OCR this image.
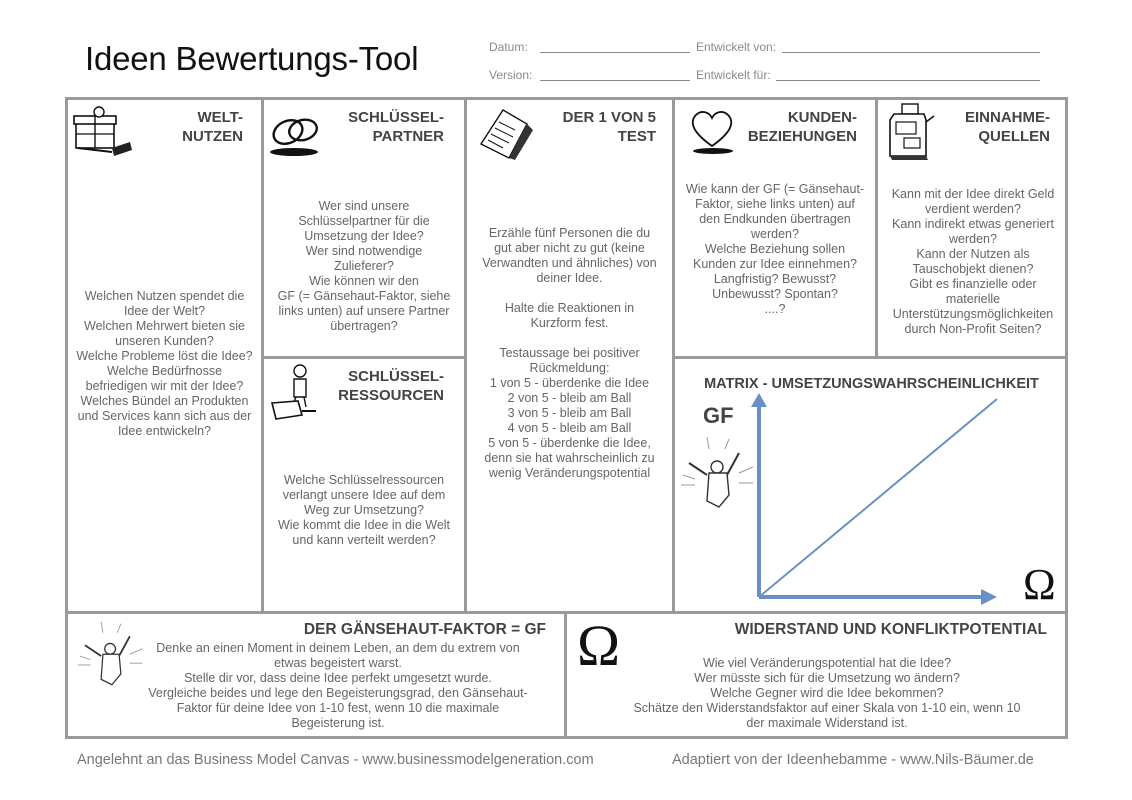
Ideen Bewertungs-Tool	Datum:	Entwickelt von:
Version:	Entwickelt für:
WELT-
NUTZEN
Welchen Nutzen spendet die
Idee der Welt?
Welchen Mehrwert bieten sie
unseren Kunden?
Welche Probleme löst die Idee?
Welche Bedürfnosse
befriedigen wir mit der Idee?
Welches Bündel an Produkten
und Services kann sich aus der
Idee entwickeln?
SCHLÜSSEL-
PARTNER
Wer sind unsere
Schlüsselpartner für die
Umsetzung der Idee?
Wer sind notwendige
Zulieferer?
Wie können wir den
GF (= Gänsehaut-Faktor, siehe
links unten) auf unsere Partner
übertragen?
SCHLÜSSEL-
RESSOURCEN
Welche Schlüsselressourcen
verlangt unsere Idee auf dem
Weg zur Umsetzung?
Wie kommt die Idee in die Welt
und kann verteilt werden?
DER 1 VON 5
TEST
Erzähle fünf Personen die du
gut aber nicht zu gut (keine
Verwandten und ähnliches) von
deiner Idee.

Halte die Reaktionen in
Kurzform fest.

Testaussage bei positiver
Rückmeldung:
1 von 5 - überdenke die Idee
2 von 5 - bleib am Ball
3 von 5 - bleib am Ball
4 von 5 - bleib am Ball
5 von 5 - überdenke die Idee,
denn sie hat wahrscheinlich zu
wenig Veränderungspotential
KUNDEN-
BEZIEHUNGEN
Wie kann der GF (= Gänsehaut-
Faktor, siehe links unten) auf
den Endkunden übertragen
werden?
Welche Beziehung sollen
Kunden zur Idee einnehmen?
Langfristig? Bewusst?
Unbewusst? Spontan?
....?
EINNAHME-
QUELLEN
Kann mit der Idee direkt Geld
verdient werden?
Kann indirekt etwas generiert
werden?
Kann der Nutzen als
Tauschobjekt dienen?
Gibt es finanzielle oder
materielle
Unterstützungsmöglichkeiten
durch Non-Profit Seiten?
MATRIX - UMSETZUNGSWAHRSCHEINLICHKEIT
GF
Ω
DER GÄNSEHAUT-FAKTOR = GF
Denke an einen Moment in deinem Leben, an dem du extrem von
etwas begeistert warst.
Stelle dir vor, dass deine Idee perfekt umgesetzt wurde.
Vergleiche beides und lege den Begeisterungsgrad, den Gänsehaut-
Faktor für deine Idee von 1-10 fest, wenn 10 die maximale
Begeisterung ist.
Ω	WIDERSTAND UND KONFLIKTPOTENTIAL
Wie viel Veränderungspotential hat die Idee?
Wer müsste sich für die Umsetzung wo ändern?
Welche Gegner wird die Idee bekommen?
Schätze den Widerstandsfaktor auf einer Skala von 1-10 ein, wenn 10
der maximale Widerstand ist.
Angelehnt an das Business Model Canvas - www.businessmodelgeneration.com	Adaptiert von der Ideenhebamme - www.Nils-Bäumer.de
